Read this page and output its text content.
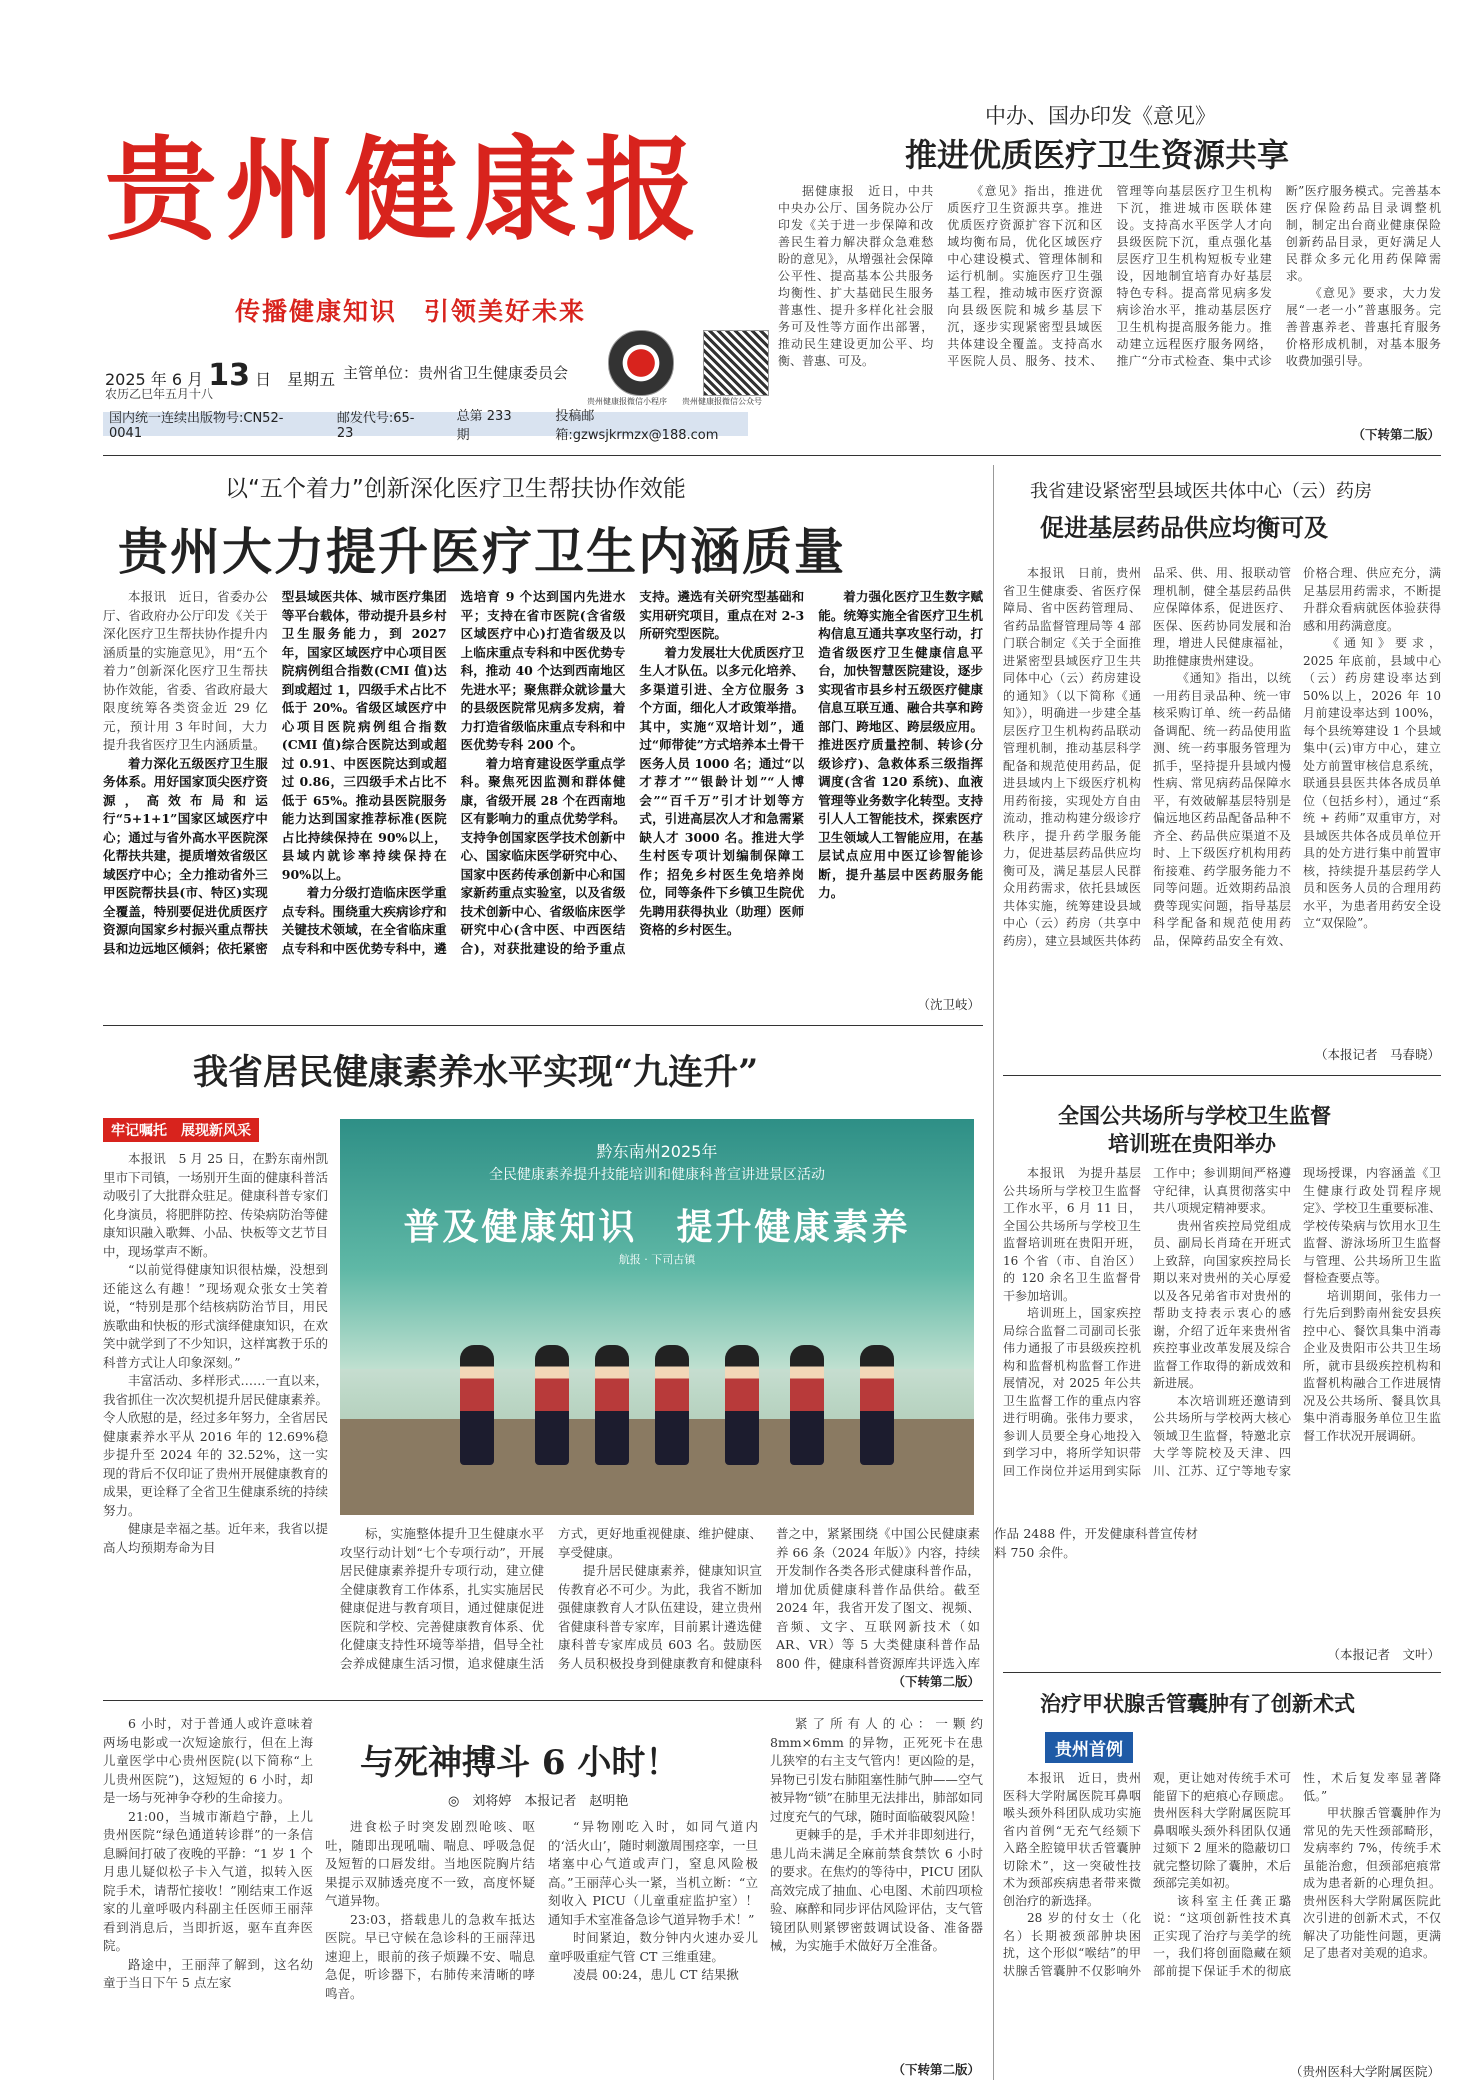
贵州健康报
传播健康知识　引领美好未来
2025 年 6 月 13 日　星期五
农历乙巳年五月十八
主管单位：贵州省卫生健康委员会
贵州健康报微信小程序	贵州健康报微信公众号
国内统一连续出版物号:CN52-0041
邮发代号:65-23
总第 233 期
投稿邮箱:gzwsjkrmzx@188.com
中办、国办印发《意见》
推进优质医疗卫生资源共享

据健康报　近日，中共中央办公厅、国务院办公厅印发《关于进一步保障和改善民生着力解决群众急难愁盼的意见》，从增强社会保障公平性、提高基本公共服务均衡性、扩大基础民生服务普惠性、提升多样化社会服务可及性等方面作出部署，推动民生建设更加公平、均衡、普惠、可及。

《意见》指出，推进优质医疗卫生资源共享。推进优质医疗资源扩容下沉和区域均衡布局，优化区域医疗中心建设模式、管理体制和运行机制。实施医疗卫生强基工程，推动城市医疗资源向县级医院和城乡基层下沉，逐步实现紧密型县域医共体建设全覆盖。支持高水平医院人员、服务、技术、管理等向基层医疗卫生机构下沉，推进城市医联体建设。支持高水平医学人才向县级医院下沉，重点强化基层医疗卫生机构短板专业建设，因地制宜培育办好基层特色专科。提高常见病多发病诊治水平，推动基层医疗卫生机构提高服务能力。推动建立远程医疗服务网络，推广“分市式检查、集中式诊断”医疗服务模式。完善基本医疗保险药品目录调整机制，制定出台商业健康保险创新药品目录，更好满足人民群众多元化用药保障需求。

《意见》要求，大力发展“一老一小”普惠服务。完善普惠养老、普惠托育服务价格形成机制，对基本服务收费加强引导。

（下转第二版）
以“五个着力”创新深化医疗卫生帮扶协作效能
贵州大力提升医疗卫生内涵质量

本报讯　近日，省委办公厅、省政府办公厅印发《关于深化医疗卫生帮扶协作提升内涵质量的实施意见》，用“五个着力”创新深化医疗卫生帮扶协作效能，省委、省政府最大限度统筹各类资金近 29 亿元，预计用 3 年时间，大力提升我省医疗卫生内涵质量。

着力深化五级医疗卫生服务体系。用好国家顶尖医疗资源，高效布局和运行“5+1+1”国家区域医疗中心；通过与省外高水平医院深化帮扶共建，提质增效省级区域医疗中心；全力推动省外三甲医院帮扶县(市、特区)实现全覆盖，特别要促进优质医疗资源向国家乡村振兴重点帮扶县和边远地区倾斜；依托紧密型县域医共体、城市医疗集团等平台载体，带动提升县乡村卫生服务能力，到 2027 年，国家区域医疗中心项目医院病例组合指数(CMI 值)达到或超过 1，四级手术占比不低于 20%。省级区域医疗中心项目医院病例组合指数(CMI 值)综合医院达到或超过 0.91、中医医院达到或超过 0.86，三四级手术占比不低于 65%。推动县医院服务能力达到国家推荐标准(医院占比持续保持在 90%以上，县域内就诊率持续保持在 90%以上。

着力分级打造临床医学重点专科。围绕重大疾病诊疗和关键技术领域，在全省临床重点专科和中医优势专科中，遴选培育 9 个达到国内先进水平；支持在省市医院(含省级区域医疗中心)打造省级及以上临床重点专科和中医优势专科，推动 40 个达到西南地区先进水平；聚焦群众就诊量大的县级医院常见病多发病，着力打造省级临床重点专科和中医优势专科 200 个。

着力培育建设医学重点学科。聚焦死因监测和群体健康，省级开展 28 个在西南地区有影响力的重点优势学科。支持争创国家医学技术创新中心、国家临床医学研究中心、国家中医药传承创新中心和国家新药重点实验室，以及省级技术创新中心、省级临床医学研究中心(含中医、中西医结合)，对获批建设的给予重点支持。遴选有关研究型基础和实用研究项目，重点在对 2-3 所研究型医院。

着力发展壮大优质医疗卫生人才队伍。以多元化培养、多渠道引进、全方位服务 3 个方面，细化人才政策举措。其中，实施“双培计划”，通过“师带徒”方式培养本土骨干医务人员 1000 名；通过“以才荐才”“银龄计划”“人博会”“百千万”引才计划等方式，引进高层次人才和急需紧缺人才 3000 名。推进大学生村医专项计划编制保障工作；招免乡村医生免培养岗位，同等条件下乡镇卫生院优先聘用获得执业（助理）医师资格的乡村医生。

着力强化医疗卫生数字赋能。统筹实施全省医疗卫生机构信息互通共享攻坚行动，打造省级医疗卫生健康信息平台，加快智慧医院建设，逐步实现省市县乡村五级医疗健康信息互联互通、融合共享和跨部门、跨地区、跨层级应用。推进医疗质量控制、转诊(分级诊疗)、急救体系三级指挥调度(含省 120 系统)、血液管理等业务数字化转型。支持引人人工智能技术，探索医疗卫生领域人工智能应用，在基层试点应用中医辽诊智能诊断，提升基层中医药服务能力。

（沈卫岐）
我省建设紧密型县域医共体中心（云）药房
促进基层药品供应均衡可及

本报讯　日前，贵州省卫生健康委、省医疗保障局、省中医药管理局、省药品监督管理局等 4 部门联合制定《关于全面推进紧密型县域医疗卫生共同体中心（云）药房建设的通知》（以下简称《通知》），明确进一步建全基层医疗卫生机构药品联动管理机制，推动基层科学配备和规范使用药品，促进县域内上下级医疗机构用药衔接，实现处方自由流动，推动构建分级诊疗秩序，提升药学服务能力，促进基层药品供应均衡可及，满足基层人民群众用药需求，依托县域医共体实施，统筹建设县域中心（云）药房（共享中药房），建立县域医共体药品采、供、用、报联动管理机制，健全基层药品供应保障体系，促进医疗、医保、医药协同发展和治理，增进人民健康福祉，助推健康贵州建设。

《通知》指出，以统一用药目录品种、统一审核采购订单、统一药品储备调配、统一药品使用监测、统一药事服务管理为抓手，坚持提升县域内慢性病、常见病药品保障水平，有效破解基层特别是偏远地区药品配备品种不齐全、药品供应渠道不及时、上下级医疗机构用药衔接难、药学服务能力不同等问题。近效期药品浪费等现实问题，指导基层科学配备和规范使用药品，保障药品安全有效、价格合理、供应充分，满足基层用药需求，不断提升群众看病就医体验获得感和用药满意度。

《通知》要求，2025 年底前，县域中心（云）药房建设率达到 50%以上，2026 年 10 月前建设率达到 100%，每个县统筹建设 1 个县域集中(云)审方中心，建立处方前置审核信息系统，联通县县医共体各成员单位（包括乡村），通过“系统 + 药师”双重审方，对县域医共体各成员单位开具的处方进行集中前置审核，持续提升基层药学人员和医务人员的合理用药水平，为患者用药安全设立“双保险”。

（本报记者　马春晓）
我省居民健康素养水平实现“九连升”
牢记嘱托　展现新风采

本报讯　5 月 25 日，在黔东南州凯里市下司镇，一场别开生面的健康科普活动吸引了大批群众驻足。健康科普专家们化身演员，将肥胖防控、传染病防治等健康知识融入歌舞、小品、快板等文艺节目中，现场掌声不断。

“以前觉得健康知识很枯燥，没想到还能这么有趣！”现场观众张女士笑着说，“特别是那个结核病防治节目，用民族歌曲和快板的形式演绎健康知识，在欢笑中就学到了不少知识，这样寓教于乐的科普方式让人印象深刻。”

丰富活动、多样形式……一直以来，我省抓住一次次契机提升居民健康素养。令人欣慰的是，经过多年努力，全省居民健康素养水平从 2016 年的 12.69%稳步提升至 2024 年的 32.52%，这一实现的背后不仅印证了贵州开展健康教育的成果，更诠释了全省卫生健康系统的持续努力。

健康是幸福之基。近年来，我省以提高人均预期寿命为目

黔东南州2025年
全民健康素养提升技能培训和健康科普宣讲进景区活动
普及健康知识　提升健康素养
航报 · 下司古镇

标，实施整体提升卫生健康水平攻坚行动计划“七个专项行动”，开展居民健康素养提升专项行动，建立健全健康教育工作体系，扎实实施居民健康促进与教育项目，通过健康促进医院和学校、完善健康教育体系、优化健康支持性环境等举措，倡导全社会养成健康生活习惯，追求健康生活方式，更好地重视健康、维护健康、享受健康。

提升居民健康素养，健康知识宣传教育必不可少。为此，我省不断加强健康教育人才队伍建设，建立贵州省健康科普专家库，目前累计遴选健康科普专家库成员 603 名。鼓励医务人员积极投身到健康教育和健康科普之中，紧紧围绕《中国公民健康素养 66 条（2024 年版）》内容，持续开发制作各类各形式健康科普作品，增加优质健康科普作品供给。截至 2024 年，我省开发了图文、视频、音频、文字、互联网新技术（如 AR、VR）等 5 大类健康科普作品 800 件，健康科普资源库共评选入库作品 2488 件，开发健康科普宣传材料 750 余件。

（下转第二版）
全国公共场所与学校卫生监督
培训班在贵阳举办

本报讯　为提升基层公共场所与学校卫生监督工作水平，6 月 11 日，全国公共场所与学校卫生监督培训班在贵阳开班，16 个省（市、自治区）的 120 余名卫生监督骨干参加培训。

培训班上，国家疾控局综合监督二司副司长张伟力通报了市县级疾控机构和监督机构监督工作进展情况，对 2025 年公共卫生监督工作的重点内容进行明确。张伟力要求，参训人员要全身心地投入到学习中，将所学知识带回工作岗位并运用到实际工作中；参训期间严格遵守纪律，认真贯彻落实中共八项规定精神要求。

贵州省疾控局党组成员、副局长肖琦在开班式上致辞，向国家疾控局长期以来对贵州的关心厚爱以及各兄弟省市对贵州的帮助支持表示衷心的感谢，介绍了近年来贵州省疾控事业改革发展及综合监督工作取得的新成效和新进展。

本次培训班还邀请到公共场所与学校两大核心领域卫生监督，特邀北京大学等院校及天津、四川、江苏、辽宁等地专家现场授课，内容涵盖《卫生健康行政处罚程序规定》、学校卫生重要标准、学校传染病与饮用水卫生监督、游泳场所卫生监督与管理、公共场所卫生监督检查要点等。

培训期间，张伟力一行先后到黔南州瓮安县疾控中心、餐饮具集中消毒企业及贵阳市公共卫生场所，就市县级疾控机构和监督机构融合工作进展情况及公共场所、餐具饮具集中消毒服务单位卫生监督工作状况开展调研。

（本报记者　文叶）
治疗甲状腺舌管囊肿有了创新术式
贵州首例

本报讯　近日，贵州医科大学附属医院耳鼻咽喉头颈外科团队成功实施省内首例“无充气经颏下入路全腔镜甲状舌管囊肿切除术”，这一突破性技术为颈部疾病患者带来微创治疗的新选择。

28 岁的付女士（化名）长期被颈部肿块困扰，这个形似“喉结”的甲状腺舌管囊肿不仅影响外观，更让她对传统手术可能留下的疤痕心存顾虑。贵州医科大学附属医院耳鼻咽喉头颈外科团队仅通过颏下 2 厘米的隐蔽切口就完整切除了囊肿，术后颈部完美如初。

该科室主任龚正璐说：“这项创新性技术真正实现了治疗与美学的统一，我们将创面隐藏在颏部前提下保证手术的彻底性，术后复发率显著降低。”

甲状腺舌管囊肿作为常见的先天性颈部畸形，发病率约 7%，传统手术虽能治愈，但颈部疤痕常成为患者新的心理负担。贵州医科大学附属医院此次引进的创新术式，不仅解决了功能性问题，更满足了患者对美观的追求。

（贵州医科大学附属医院）
与死神搏斗 6 小时！
◎　刘将婷　本报记者　赵明艳

6 小时，对于普通人或许意味着两场电影或一次短途旅行，但在上海儿童医学中心贵州医院(以下简称“上儿贵州医院”)，这短短的 6 小时，却是一场与死神争夺秒的生命接力。

21:00，当城市渐趋宁静，上儿贵州医院“绿色通道转诊群”的一条信息瞬间打破了夜晚的平静：“1 岁 1 个月患儿疑似松子卡入气道，拟转入医院手术，请帮忙接收！”刚结束工作返家的儿童呼吸内科副主任医师王丽萍看到消息后，当即折返，驱车直奔医院。

路途中，王丽萍了解到，这名幼童于当日下午 5 点左家

进食松子时突发剧烈呛咳、呕吐，随即出现吼喘、喘息、呼吸急促及短暂的口唇发绀。当地医院胸片结果提示双肺透亮度不一致，高度怀疑气道异物。

23:03，搭载患儿的急救车抵达医院。早已守候在急诊科的王丽萍迅速迎上，眼前的孩子烦躁不安、喘息急促，听诊器下，右肺传来清晰的哮鸣音。

“异物刚吃入时，如同气道内的‘活火山’，随时刺激周围痉挛，一旦堵塞中心气道或声门，窒息风险极高。”王丽萍心头一紧，当机立断：“立刻收入 PICU（儿童重症监护室）！通知手术室准备急诊气道异物手术！”

时间紧迫，数分钟内火速办妥儿童呼吸重症气管 CT 三维重建。

凌晨 00:24，患儿 CT 结果揪

紧了所有人的心：一颗约 8mm×6mm 的异物，正死死卡在患儿狭窄的右主支气管内！更凶险的是，异物已引发右肺阻塞性肺气肿——空气被异物“锁”在肺里无法排出，肺部如同过度充气的气球，随时面临破裂风险！

更棘手的是，手术并非即刻进行，患儿尚未满足全麻前禁食禁饮 6 小时的要求。在焦灼的等待中，PICU 团队高效完成了抽血、心电图、术前四项检验、麻醉和同步评估风险评估，支气管镜团队则紧锣密鼓调试设备、准备器械，为实施手术做好万全准备。

（下转第二版）
